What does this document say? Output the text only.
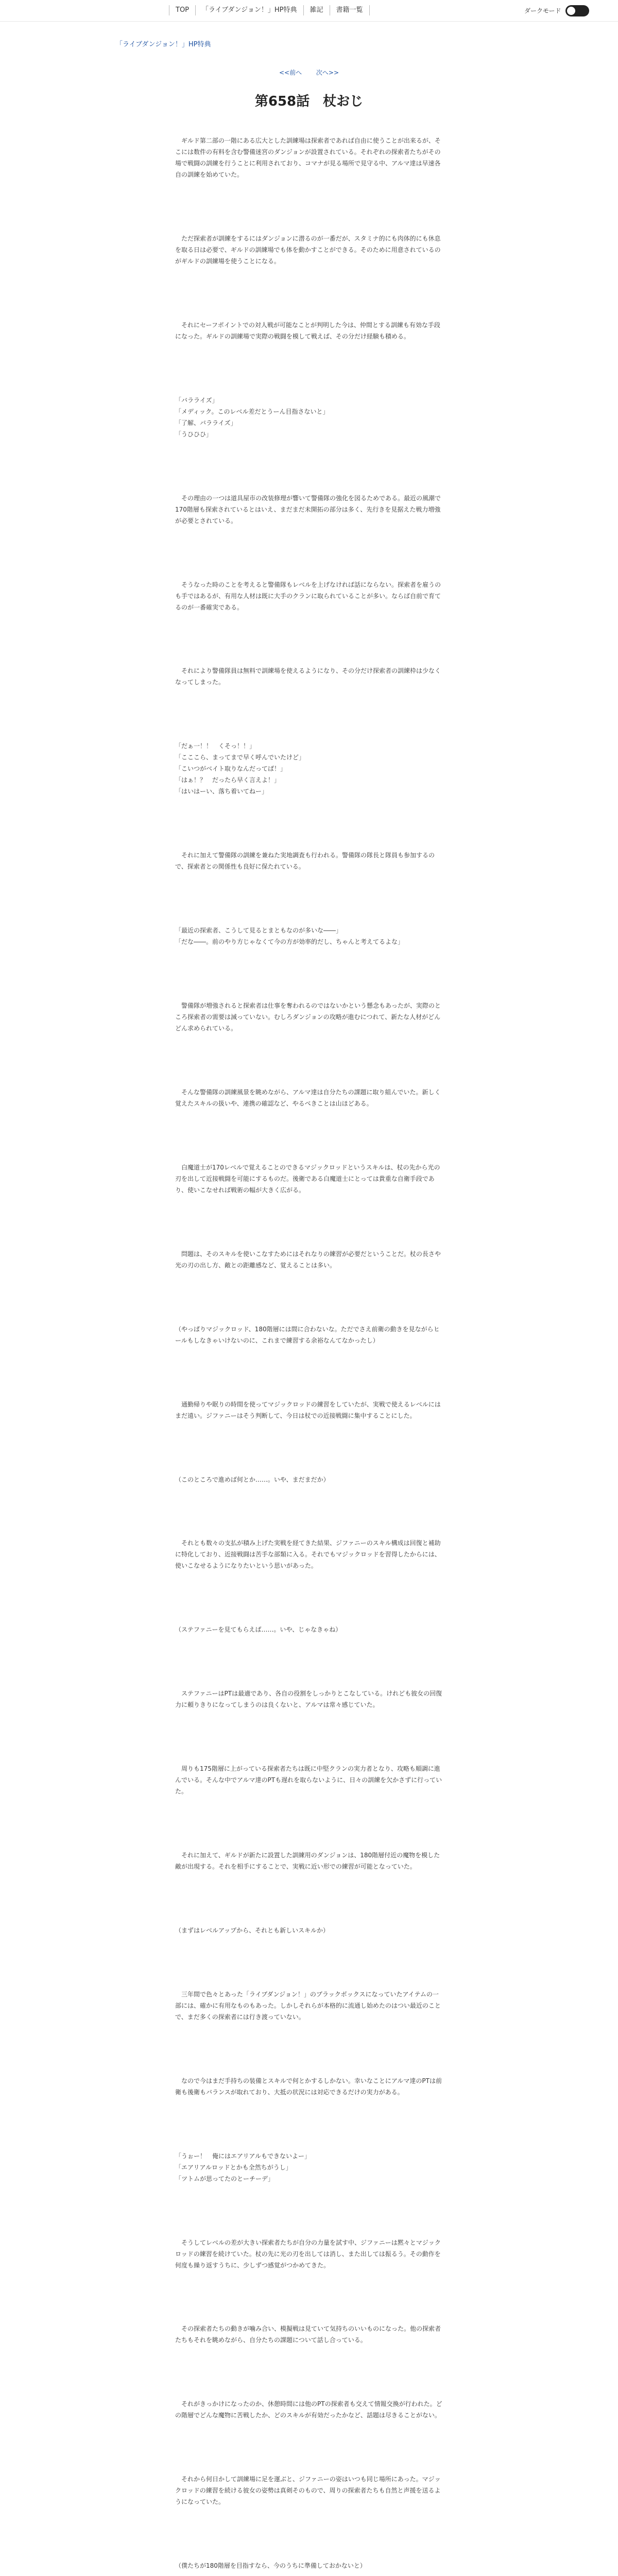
TOP	「ライブダンジョン！」HP特典	雑記	書籍一覧	ダークモード
「ライブダンジョン！」HP特典
<<前へ 次へ>>
第658話　杖おじ

　ギルド第二部の一階にある広大とした訓練場は探索者であれば自由に使うことが出来るが、そこには数件の有料を含む警備迷宮のダンジョンが設置されている。それぞれの探索者たちがその場で戦闘の訓練を行うことに利用されており、コマナが見る場所で見守る中、アルマ達は早速各自の訓練を始めていた。

　ただ探索者が訓練をするにはダンジョンに潜るのが一番だが、スタミナ的にも肉体的にも休息を取る日は必要で、ギルドの訓練場でも体を動かすことができる。そのために用意されているのがギルドの訓練場を使うことになる。

　それにセーフポイントでの対人戦が可能なことが判明した今は、仲間とする訓練も有効な手段になった。ギルドの訓練場で実際の戦闘を模して戦えば、その分だけ経験も積める。

「バラライズ」
「メディック。このレベル差だとうーん目指さないと」
「了解、バラライズ」
「うひひひ」

　その理由の一つは道具屋市の改装修理が響いて警備隊の強化を図るためである。最近の風潮で170階層も探索されているとはいえ、まだまだ未開拓の部分は多く、先行きを見据えた戦力増強が必要とされている。

　そうなった時のことを考えると警備隊もレベルを上げなければ話にならない。探索者を雇うのも手ではあるが、有用な人材は既に大手のクランに取られていることが多い。ならば自前で育てるのが一番確実である。

　それにより警備隊員は無料で訓練場を使えるようになり、その分だけ探索者の訓練枠は少なくなってしまった。

「だぁ一！！　くそっ！！」
「こここら、まってまで早く呼んでいたけど」
「こいつがベイト取りなんだってば！」
「はぁ！？　だったら早く言えよ！」
「はいはーい、落ち着いてねー」

　それに加えて警備隊の訓練を兼ねた実地調査も行われる。警備隊の隊長と隊員も参加するので、探索者との関係性も良好に保たれている。

「最近の探索者、こうして見るとまともなのが多いな――」
「だな――。前のやり方じゃなくて今の方が効率的だし、ちゃんと考えてるよな」

　警備隊が増強されると探索者は仕事を奪われるのではないかという懸念もあったが、実際のところ探索者の需要は減っていない。むしろダンジョンの攻略が進むにつれて、新たな人材がどんどん求められている。

　そんな警備隊の訓練風景を眺めながら、アルマ達は自分たちの課題に取り組んでいた。新しく覚えたスキルの扱いや、連携の確認など、やるべきことは山ほどある。

　白魔道士が170レベルで覚えることのできるマジックロッドというスキルは、杖の先から光の刃を出して近接戦闘を可能にするものだ。後衛である白魔道士にとっては貴重な自衛手段であり、使いこなせれば戦術の幅が大きく広がる。

　問題は、そのスキルを使いこなすためにはそれなりの練習が必要だということだ。杖の長さや光の刃の出し方、敵との距離感など、覚えることは多い。

（やっぱりマジックロッド、180階層には間に合わないな。ただでさえ前衛の動きを見ながらヒールもしなきゃいけないのに、これまで練習する余裕なんてなかったし）

　通勤帰りや眠りの時間を使ってマジックロッドの練習をしていたが、実戦で使えるレベルにはまだ遠い。ジファニーはそう判断して、今日は杖での近接戦闘に集中することにした。

（このところで進めば何とか……。いや、まだまだか）

　それとも数々の支払が積み上げた実戦を経てきた結果、ジファニーのスキル構成は回復と補助に特化しており、近接戦闘は苦手な部類に入る。それでもマジックロッドを習得したからには、使いこなせるようになりたいという思いがあった。

（ステファニーを見てもらえば……。いや、じゃなきゃね）

　ステファニーはPTは最適であり、各自の役割をしっかりとこなしている。けれども彼女の回復力に頼りきりになってしまうのは良くないと、アルマは常々感じていた。

　周りも175階層に上がっている探索者たちは既に中堅クランの実力者となり、攻略も順調に進んでいる。そんな中でアルマ達のPTも遅れを取らないように、日々の訓練を欠かさずに行っていた。

　それに加えて、ギルドが新たに設置した訓練用のダンジョンは、180階層付近の魔物を模した敵が出現する。それを相手にすることで、実戦に近い形での練習が可能となっていた。

（まずはレベルアップから、それとも新しいスキルか）

　三年間で色々とあった「ライブダンジョン！」のブラックボックスになっていたアイテムの一部には、確かに有用なものもあった。しかしそれらが本格的に流通し始めたのはつい最近のことで、まだ多くの探索者には行き渡っていない。

　なので今はまだ手持ちの装備とスキルで何とかするしかない。幸いなことにアルマ達のPTは前衛も後衛もバランスが取れており、大抵の状況には対応できるだけの実力がある。

「うぉー！　俺にはエアリアルもできないよー」
「エアリアルロッドとかも全然ちがうし」
「ツトムが思ってたのとーチーデ」

　そうしてレベルの差が大きい探索者たちが自分の力量を試す中、ジファニーは黙々とマジックロッドの練習を続けていた。杖の先に光の刃を出しては消し、また出しては振るう。その動作を何度も繰り返すうちに、少しずつ感覚がつかめてきた。

　その探索者たちの動きが噛み合い、模擬戦は見ていて気持ちのいいものになった。他の探索者たちもそれを眺めながら、自分たちの課題について話し合っている。

　それがきっかけになったのか、休憩時間には他のPTの探索者も交えて情報交換が行われた。どの階層でどんな魔物に苦戦したか、どのスキルが有効だったかなど、話題は尽きることがない。

　それから何日かして訓練場に足を運ぶと、ジファニーの姿はいつも同じ場所にあった。マジックロッドの練習を続ける彼女の姿勢は真剣そのもので、周りの探索者たちも自然と声援を送るようになっていた。

（僕たちが180階層を目指すなら、今のうちに準備しておかないと）
